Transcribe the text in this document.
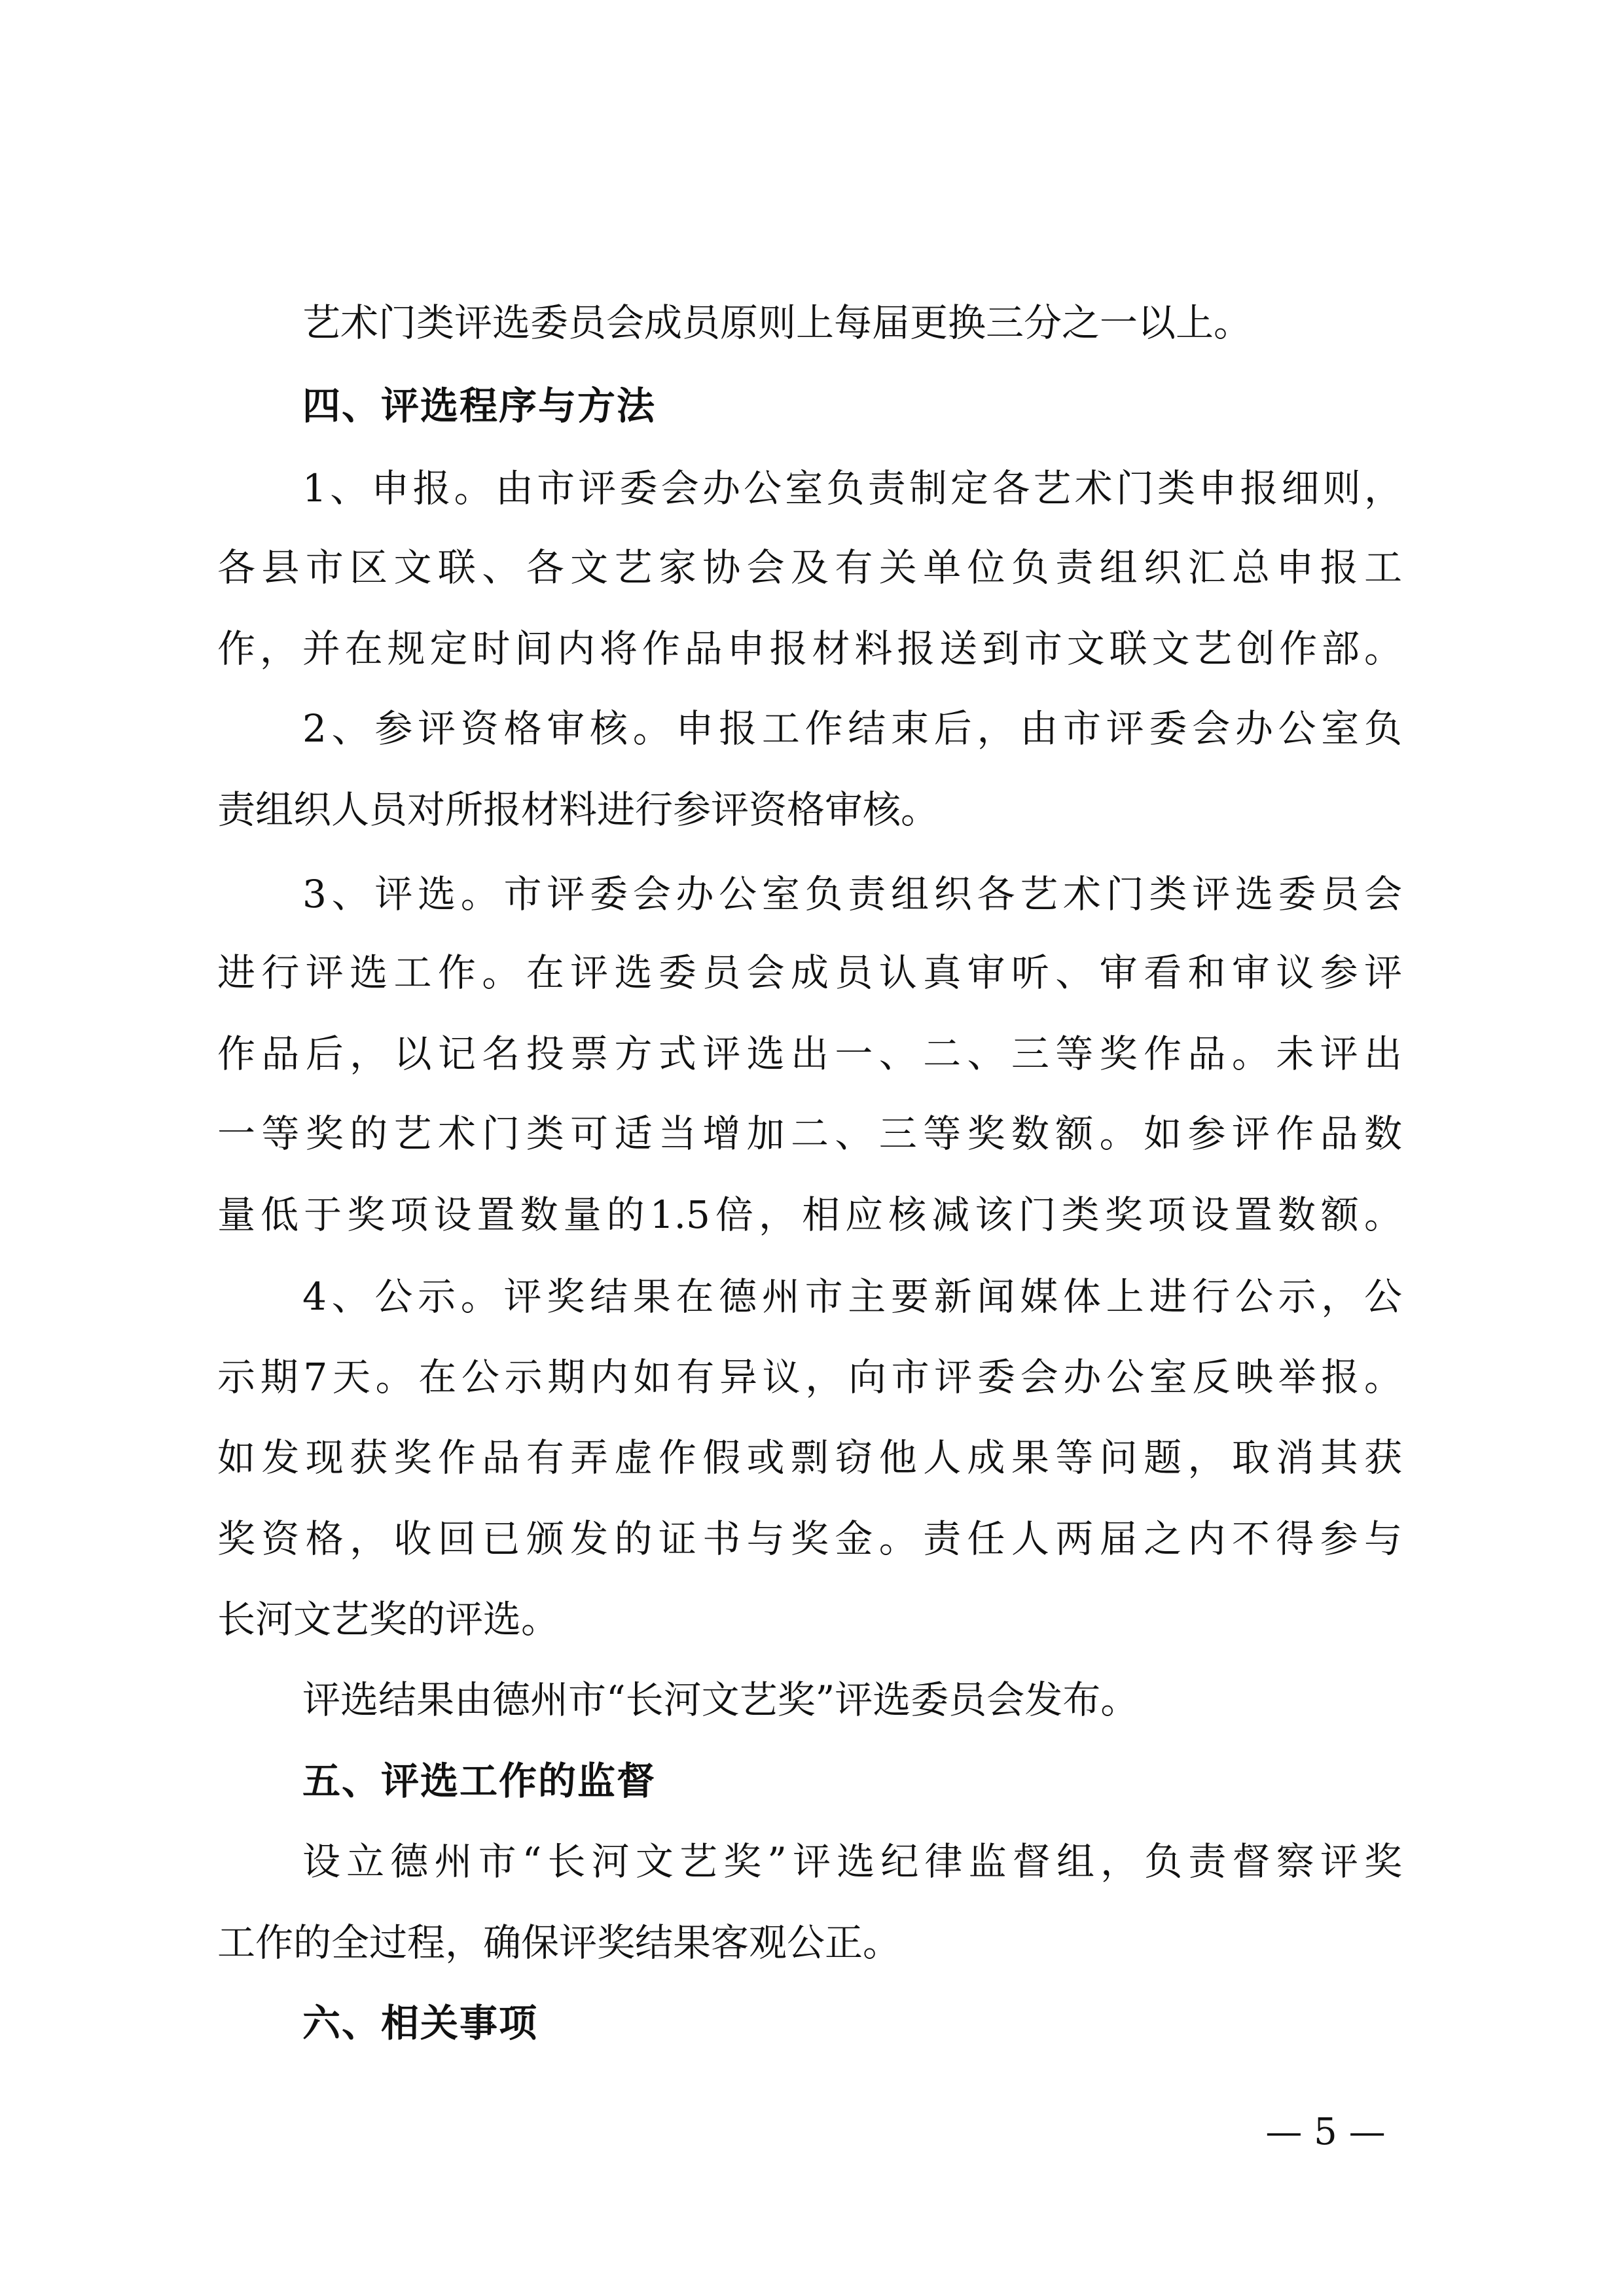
艺术门类评选委员会成员原则上每届更换三分之一以上。
四、评选程序与方法
1、申报。由市评委会办公室负责制定各艺术门类申报细则，
各县市区文联、各文艺家协会及有关单位负责组织汇总申报工
作，并在规定时间内将作品申报材料报送到市文联文艺创作部。
2、参评资格审核。申报工作结束后，由市评委会办公室负
责组织人员对所报材料进行参评资格审核。
3、评选。市评委会办公室负责组织各艺术门类评选委员会
进行评选工作。在评选委员会成员认真审听、审看和审议参评
作品后，以记名投票方式评选出一、二、三等奖作品。未评出
一等奖的艺术门类可适当增加二、三等奖数额。如参评作品数
量低于奖项设置数量的1.5倍，相应核减该门类奖项设置数额。
4、公示。评奖结果在德州市主要新闻媒体上进行公示，公
示期7天。在公示期内如有异议，向市评委会办公室反映举报。
如发现获奖作品有弄虚作假或剽窃他人成果等问题，取消其获
奖资格，收回已颁发的证书与奖金。责任人两届之内不得参与
长河文艺奖的评选。
评选结果由德州市“长河文艺奖”评选委员会发布。
五、评选工作的监督
设立德州市“长河文艺奖”评选纪律监督组，负责督察评奖
工作的全过程，确保评奖结果客观公正。
六、相关事项
— 5 —
